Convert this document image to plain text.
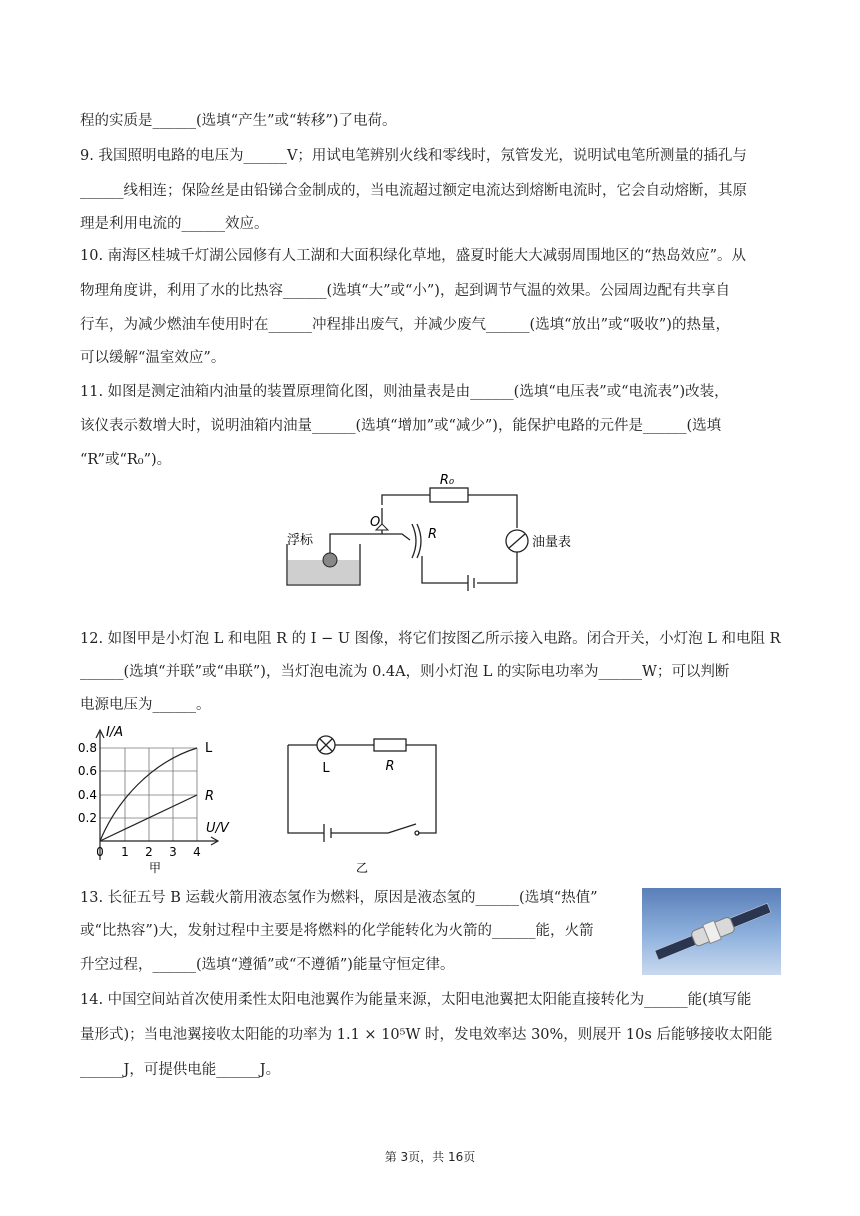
程的实质是______(选填“产生”或“转移”)了电荷。
9. 我国照明电路的电压为______V；用试电笔辨别火线和零线时，氖管发光，说明试电笔所测量的插孔与
______线相连；保险丝是由铅锑合金制成的，当电流超过额定电流达到熔断电流时，它会自动熔断，其原
理是利用电流的______效应。
10. 南海区桂城千灯湖公园修有人工湖和大面积绿化草地，盛夏时能大大减弱周围地区的“热岛效应”。从
物理角度讲，利用了水的比热容______(选填“大”或“小”)，起到调节气温的效果。公园周边配有共享自
行车，为减少燃油车使用时在______冲程排出废气，并减少废气______(选填“放出”或“吸收”)的热量，
可以缓解“温室效应”。
11. 如图是测定油箱内油量的装置原理简化图，则油量表是由______(选填“电压表”或“电流表”)改装，
该仪表示数增大时，说明油箱内油量______(选填“增加”或“减少”)，能保护电路的元件是______(选填
“R”或“R₀”)。
12. 如图甲是小灯泡 L 和电阻 R 的 I − U 图像，将它们按图乙所示接入电路。闭合开关，小灯泡 L 和电阻 R
______(选填“并联”或“串联”)，当灯泡电流为 0.4A，则小灯泡 L 的实际电功率为______W；可以判断
电源电压为______。
13. 长征五号 B 运载火箭用液态氢作为燃料，原因是液态氢的______(选填“热值”
或“比热容”)大，发射过程中主要是将燃料的化学能转化为火箭的______能，火箭
升空过程，______(选填“遵循”或“不遵循”)能量守恒定律。
14. 中国空间站首次使用柔性太阳电池翼作为能量来源，太阳电池翼把太阳能直接转化为______能(填写能
量形式)；当电池翼接收太阳能的功率为 1.1 × 10⁵W 时，发电效率达 30%，则展开 10s 后能够接收太阳能
______J，可提供电能______J。
R₀
O
R
浮标	油量表
I/A
U/V
L
R
0.8
0.6
0.4
0.2
0 1 2 3 4
甲
L	R
乙
第 3页，共 16页
